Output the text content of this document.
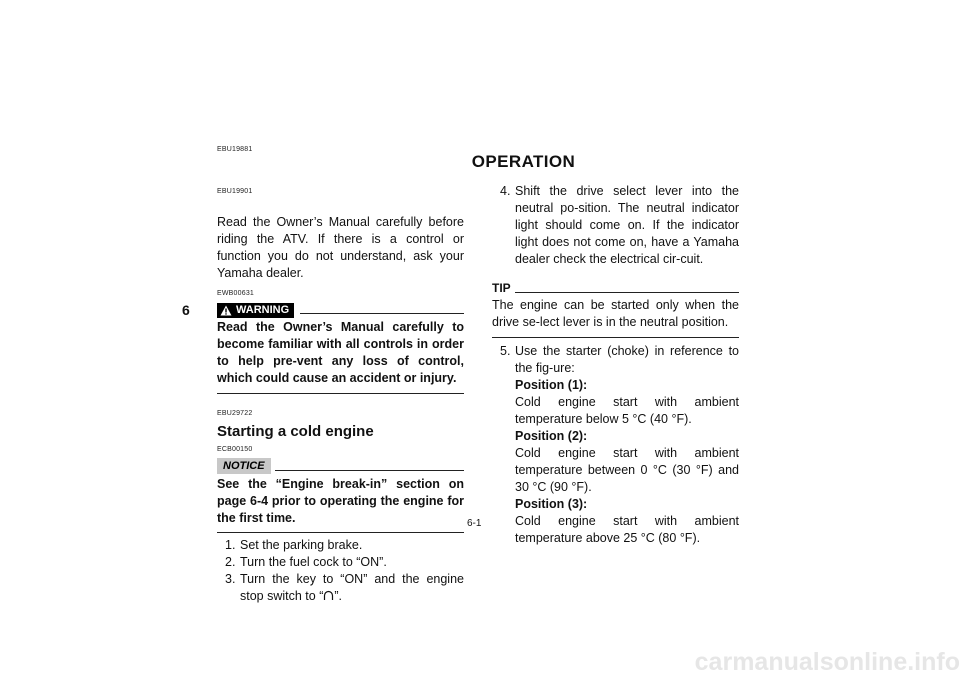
6
EBU19881
OPERATION
EBU19901

Read the Owner’s Manual carefully before riding the ATV. If there is a control or function you do not understand, ask your Yamaha dealer.

EWB00631
WARNING
Read the Owner’s Manual carefully to become familiar with all controls in order to help pre-vent any loss of control, which could cause an accident or injury.
EBU29722
Starting a cold engine
ECB00150
NOTICE
See the “Engine break-in” section on page 6-4 prior to operating the engine for the first time.
1. Set the parking brake.
2. Turn the fuel cock to “ON”.
3. Turn the key to “ON” and the engine stop switch to “ ”.
4. Shift the drive select lever into the neutral po-sition. The neutral indicator light should come on. If the indicator light does not come on, have a Yamaha dealer check the electrical cir-cuit.
TIP

The engine can be started only when the drive se-lect lever is in the neutral position.

5. Use the starter (choke) in reference to the fig-ure:
Position (1):
Cold engine start with ambient temperature below 5 °C (40 °F).
Position (2):
Cold engine start with ambient temperature between 0 °C (30 °F) and 30 °C (90 °F).
Position (3):
Cold engine start with ambient temperature above 25 °C (80 °F).
6-1
carmanualsonline.info
